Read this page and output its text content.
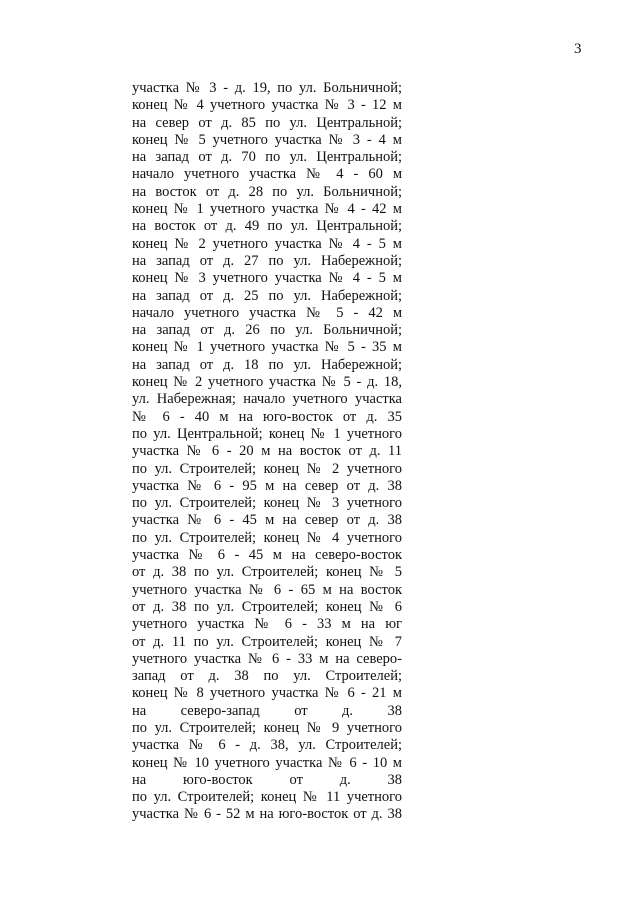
3
участка № 3 - д. 19, по ул. Больничной;
конец № 4 учетного участка № 3 - 12 м
на север от д. 85 по ул. Центральной;
конец № 5 учетного участка № 3 - 4 м
на запад от д. 70 по ул. Центральной;
начало учетного участка № 4 - 60 м
на восток от д. 28 по ул. Больничной;
конец № 1 учетного участка № 4 - 42 м
на восток от д. 49 по ул. Центральной;
конец № 2 учетного участка № 4 - 5 м
на запад от д. 27 по ул. Набережной;
конец № 3 учетного участка № 4 - 5 м
на запад от д. 25 по ул. Набережной;
начало учетного участка № 5 - 42 м
на запад от д. 26 по ул. Больничной;
конец № 1 учетного участка № 5 - 35 м
на запад от д. 18 по ул. Набережной;
конец № 2 учетного участка № 5 - д. 18,
ул. Набережная; начало учетного участка
№ 6 - 40 м на юго-восток от д. 35
по ул. Центральной; конец № 1 учетного
участка № 6 - 20 м на восток от д. 11
по ул. Строителей; конец № 2 учетного
участка № 6 - 95 м на север от д. 38
по ул. Строителей; конец № 3 учетного
участка № 6 - 45 м на север от д. 38
по ул. Строителей; конец № 4 учетного
участка № 6 - 45 м на северо-восток
от д. 38 по ул. Строителей; конец № 5
учетного участка № 6 - 65 м на восток
от д. 38 по ул. Строителей; конец № 6
учетного участка № 6 - 33 м на юг
от д. 11 по ул. Строителей; конец № 7
учетного участка № 6 - 33 м на северо-
запад от д. 38 по ул. Строителей;
конец № 8 учетного участка № 6 - 21 м
на северо-запад от д. 38
по ул. Строителей; конец № 9 учетного
участка № 6 - д. 38, ул. Строителей;
конец № 10 учетного участка № 6 - 10 м
на юго-восток от д. 38
по ул. Строителей; конец № 11 учетного
участка № 6 - 52 м на юго-восток от д. 38
